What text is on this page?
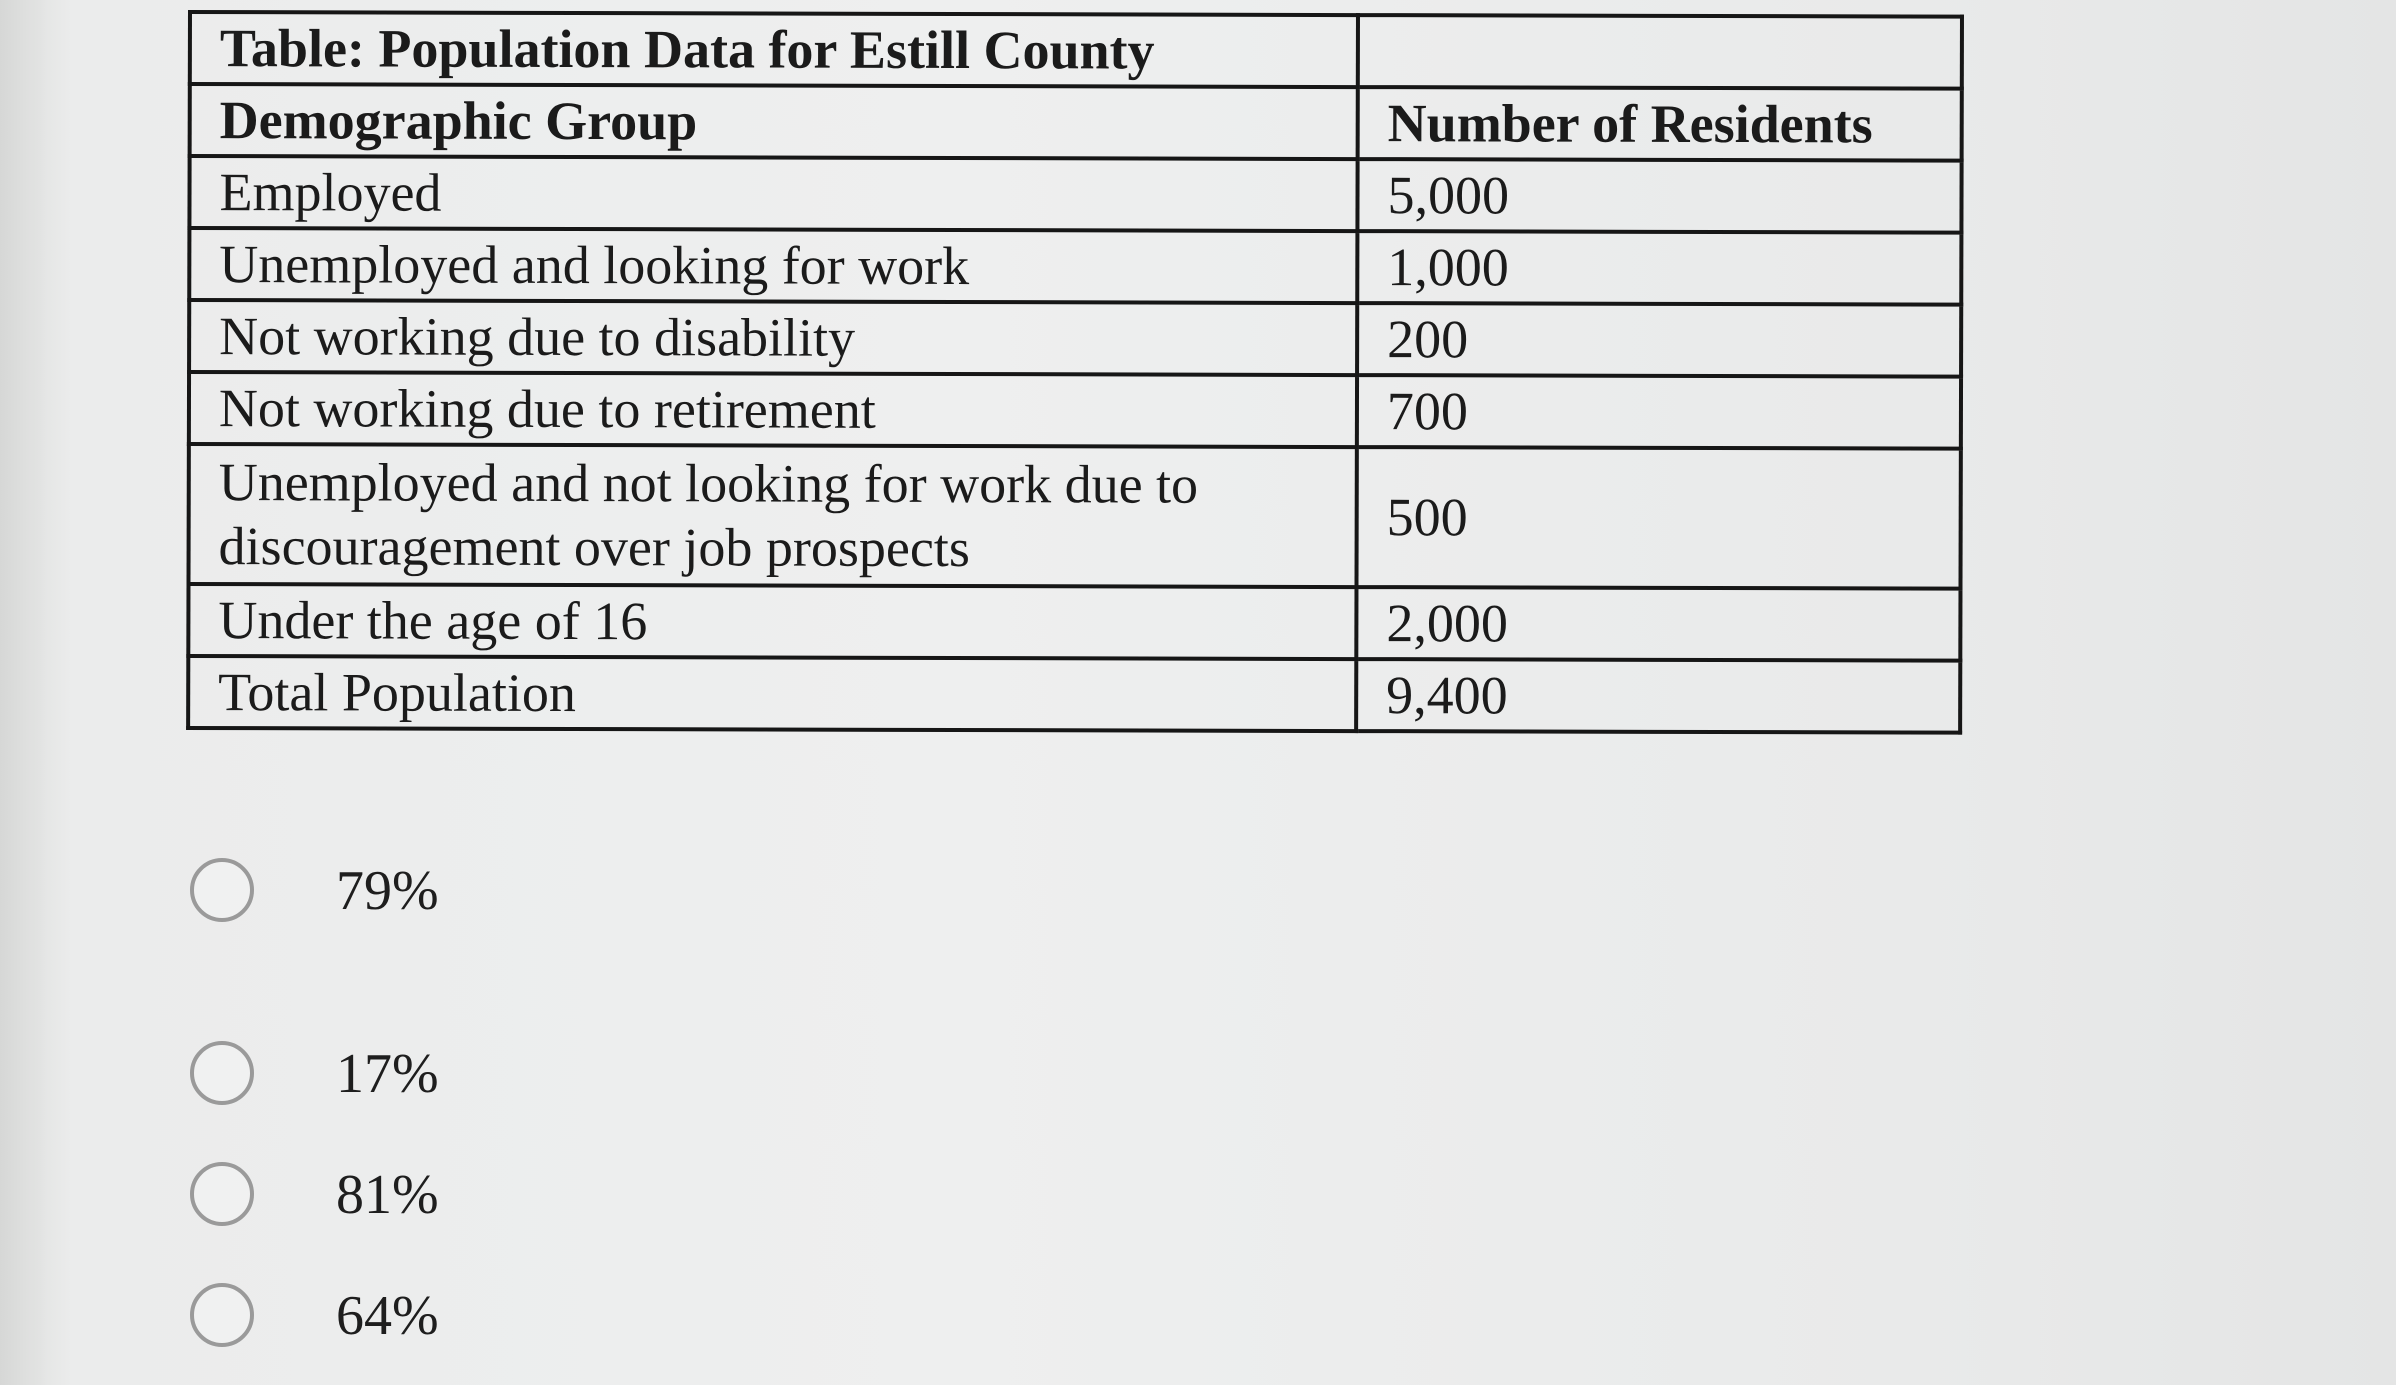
Table: Population Data for Estill County	
Demographic Group	Number of Residents
Employed	5,000
Unemployed and looking for work	1,000
Not working due to disability	200
Not working due to retirement	700
Unemployed and not looking for work due to discouragement over job prospects	500
Under the age of 16	2,000
Total Population	9,400
79%
17%
81%
64%
